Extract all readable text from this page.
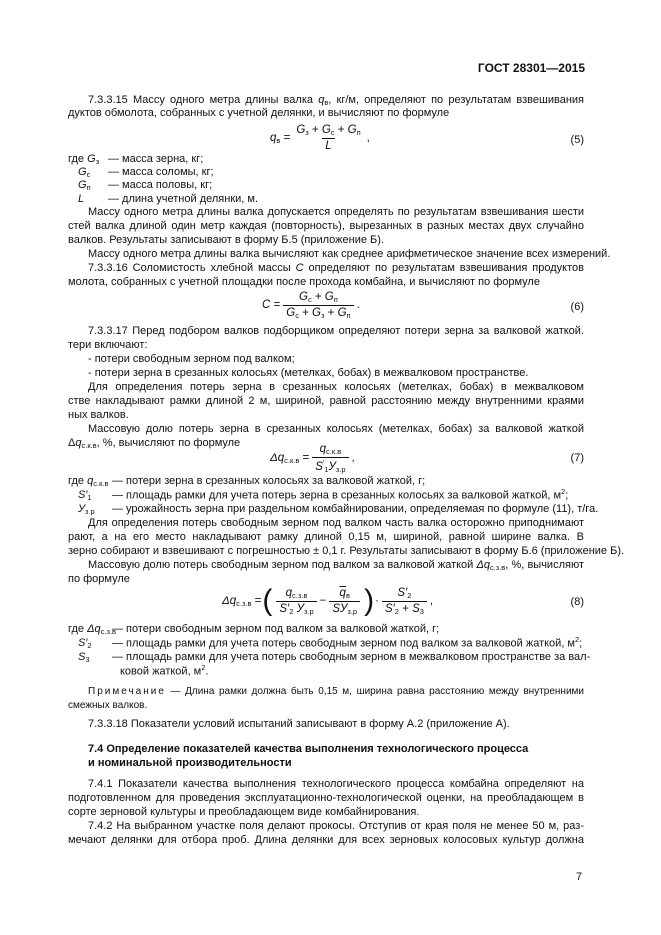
ГОСТ 28301—2015
7.3.3.15 Массу одного метра длины валка $q_в$, кг/м, определяют по результатам взвешивания
дуктов обмолота, собранных с учетной делянки, и вычисляют по формуле
$q_в = \frac{G_з + G_с + G_п}{L}$ ,	(5)
где $G_з$ — масса зерна, кг;
$G_с$	— масса соломы, кг;
$G_п$	— масса половы, кг;
L	— длина учетной делянки, м.
Массу одного метра длины валка допускается определять по результатам взвешивания шести
стей валка длиной один метр каждая (повторность), вырезанных в разных местах двух случайно
валков. Результаты записывают в форму Б.5 (приложение Б).
Массу одного метра длины валка вычисляют как среднее арифметическое значение всех измерений.
7.3.3.16 Соломистость хлебной массы C определяют по результатам взвешивания продуктов
молота, собранных с учетной площадки после прохода комбайна, и вычисляют по формуле
$C = \frac{G_с + G_п}{G_с + G_з + G_п}$ .	(6)
7.3.3.17 Перед подбором валков подборщиком определяют потери зерна за валковой жаткой.
тери включают:
- потери свободным зерном под валком;
- потери зерна в срезанных колосьях (метелках, бобах) в межвалковом пространстве.
Для определения потерь зерна в срезанных колосьях (метелках, бобах) в межвалковом
стве накладывают рамки длиной 2 м, шириной, равной расстоянию между внутренними краями
ных валков.
Массовую долю потерь зерна в срезанных колосьях (метелках, бобах) за валковой жаткой
$\Delta q_{с.к.в}$, %, вычисляют по формуле
$\Delta q_{с.к.в} = \frac{q_{с.к.в}}{S'_1У_{з.р}}$ ,	(7)
где $q_{с.к.в}$ — потери зерна в срезанных колосьях за валковой жаткой, г;
$S'_1$	— площадь рамки для учета потерь зерна в срезанных колосьях за валковой жаткой, $м^2$;
$У_{з.р}$	— урожайность зерна при раздельном комбайнировании, определяемая по формуле (11), т/га.
Для определения потерь свободным зерном под валком часть валка осторожно приподнимают
рают, а на его место накладывают рамку длиной 0,15 м, шириной, равной ширине валка. В
зерно собирают и взвешивают с погрешностью ± 0,1 г. Результаты записывают в форму Б.6 (приложение Б).
Массовую долю потерь свободным зерном под валком за валковой жаткой $\Delta q_{с.з.в}$, %, вычисляют
по формуле
$\Delta q_{с.з.в}$ = ( $\frac{q_{с.з.в}}{S'_2 У_{з.р}} - \frac{\overline{q}_в}{SУ_{з.р}}$ ) · $\frac{S'_2}{S'_2 + S_3}$ ,	(8)
где $\Delta q_{с.з.в}$
— потери свободным зерном под валком за валковой жаткой, г;
$S'_2$	— площадь рамки для учета потерь свободным зерном под валком за валковой жаткой, $м^2$;
$S_3$
ковой жаткой, $м^2$.
— площадь рамки для учета потерь свободным зерном в межвалковом пространстве за вал-
Примечание — Длина рамки должна быть 0,15 м, ширина равна расстоянию между внутренними
смежных валков.
7.3.3.18 Показатели условий испытаний записывают в форму А.2 (приложение А).
7.4 Определение показателей качества выполнения технологического процесса
и номинальной производительности
7.4.1 Показатели качества выполнения технологического процесса комбайна определяют на
подготовленном для проведения эксплуатационно-технологической оценки, на преобладающем в
сорте зерновой культуры и преобладающем виде комбайнирования.
7.4.2 На выбранном участке поля делают прокосы. Отступив от края поля не менее 50 м, раз-
мечают делянки для отбора проб. Длина делянки для всех зерновых колосовых культур должна
7
